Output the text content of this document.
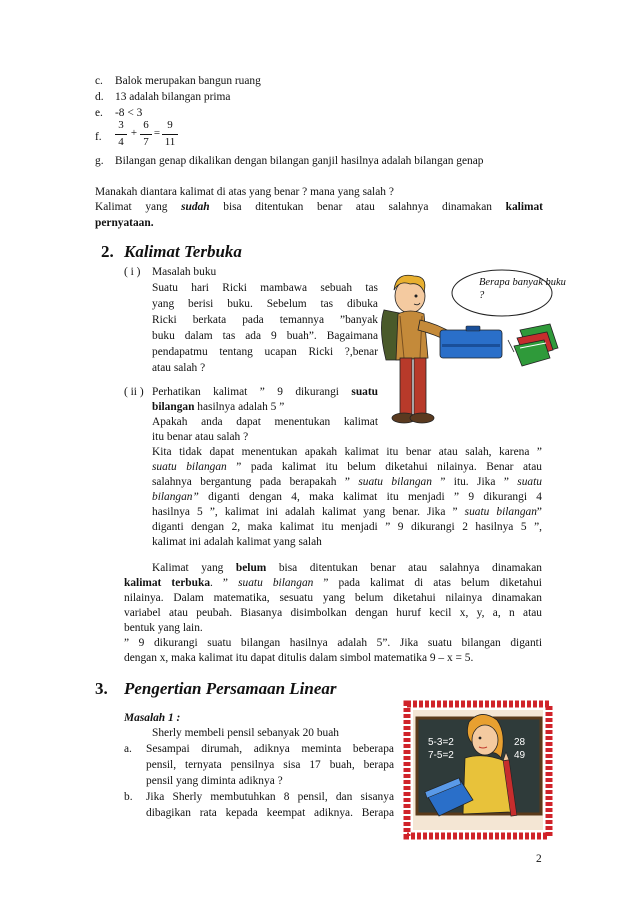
c. Balok merupakan bangun ruang
d. 13 adalah bilangan prima
e. -8 < 3
f.
3
4
+
6
7
=
9
11
g. Bilangan genap dikalikan dengan bilangan ganjil hasilnya adalah bilangan genap
Manakah diantara kalimat di atas yang benar ? mana yang salah ?
Kalimat yang sudah bisa ditentukan benar atau salahnya dinamakan kalimat
pernyataan.
2. Kalimat Terbuka
( i ) Masalah buku
Suatu hari Ricki mambawa sebuah tas
yang berisi buku. Sebelum tas dibuka
Ricki berkata pada temannya ”banyak
buku dalam tas ada 9 buah”. Bagaimana
pendapatmu tentang ucapan Ricki ?,benar
atau salah ?
Berapa banyak buku ?
( ii ) Perhatikan kalimat ” 9 dikurangi suatu
bilangan hasilnya adalah 5 ”
Apakah anda dapat menentukan kalimat
itu benar atau salah ?
Kita tidak dapat menentukan apakah kalimat itu benar atau salah, karena ”
suatu bilangan ” pada kalimat itu belum diketahui nilainya. Benar atau
salahnya bergantung pada berapakah ” suatu bilangan ” itu. Jika ” suatu
bilangan” diganti dengan 4, maka kalimat itu menjadi ” 9 dikurangi 4
hasilnya 5 ”, kalimat ini adalah kalimat yang benar. Jika ” suatu bilangan”
diganti dengan 2, maka kalimat itu menjadi ” 9 dikurangi 2 hasilnya 5 ”,
kalimat ini adalah kalimat yang salah
Kalimat yang belum bisa ditentukan benar atau salahnya dinamakan
kalimat terbuka. ” suatu bilangan ” pada kalimat di atas belum diketahui
nilainya. Dalam matematika, sesuatu yang belum diketahui nilainya dinamakan
variabel atau peubah. Biasanya disimbolkan dengan huruf kecil x, y, a, n atau
bentuk yang lain.
” 9 dikurangi suatu bilangan hasilnya adalah 5”. Jika suatu bilangan diganti
dengan x, maka kalimat itu dapat ditulis dalam simbol matematika 9 – x = 5.
3. Pengertian Persamaan Linear
Masalah 1 :
Sherly membeli pensil sebanyak 20 buah
a. Sesampai dirumah, adiknya meminta beberapa
pensil, ternyata pensilnya sisa 17 buah, berapa
pensil yang diminta adiknya ?
b. Jika Sherly membutuhkan 8 pensil, dan sisanya
dibagikan rata kepada keempat adiknya. Berapa
5-3=2
7-5=2
28
49
2
